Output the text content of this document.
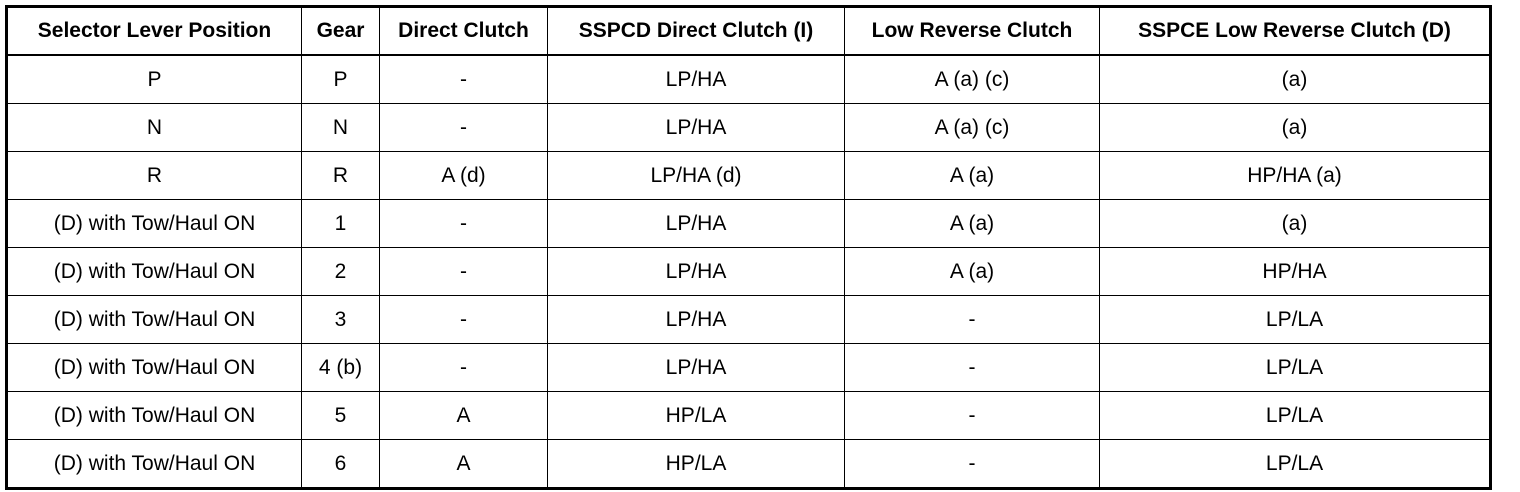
Selector Lever Position	Gear	Direct Clutch	SSPCD Direct Clutch (I)	Low Reverse Clutch	SSPCE Low Reverse Clutch (D)
P	P	-	LP/HA	A (a) (c)	(a)
N	N	-	LP/HA	A (a) (c)	(a)
R	R	A (d)	LP/HA (d)	A (a)	HP/HA (a)
(D) with Tow/Haul ON	1	-	LP/HA	A (a)	(a)
(D) with Tow/Haul ON	2	-	LP/HA	A (a)	HP/HA
(D) with Tow/Haul ON	3	-	LP/HA	-	LP/LA
(D) with Tow/Haul ON	4 (b)	-	LP/HA	-	LP/LA
(D) with Tow/Haul ON	5	A	HP/LA	-	LP/LA
(D) with Tow/Haul ON	6	A	HP/LA	-	LP/LA
